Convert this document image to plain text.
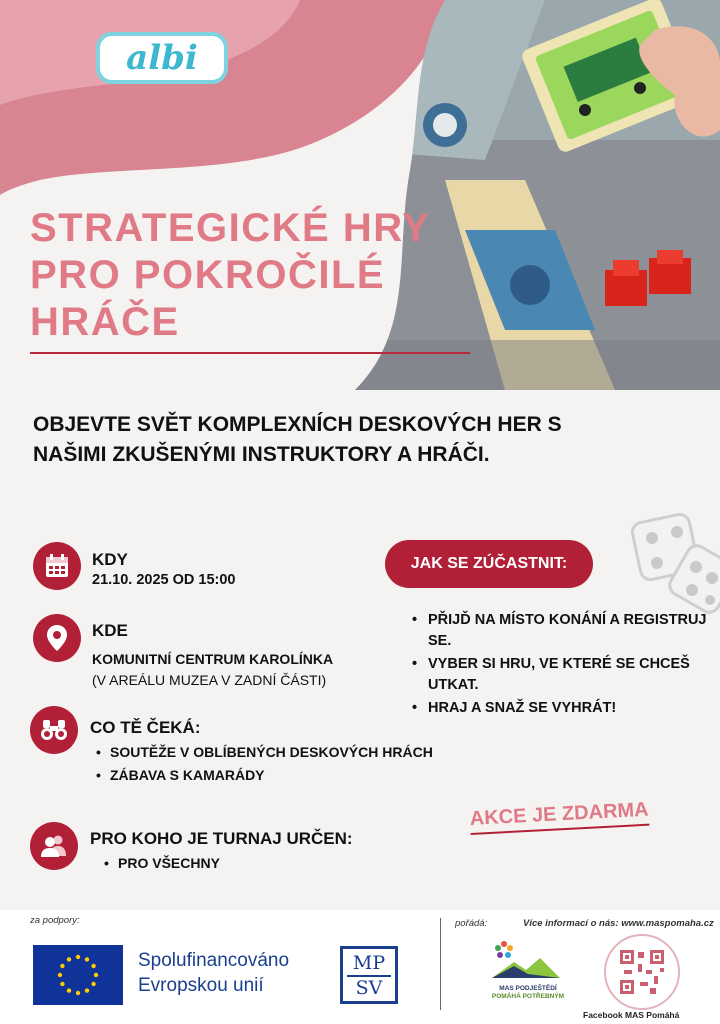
albi
STRATEGICKÉ HRY
PRO POKROČILÉ
HRÁČE
OBJEVTE SVĚT KOMPLEXNÍCH DESKOVÝCH HER S
NAŠIMI ZKUŠENÝMI INSTRUKTORY A HRÁČI.
KDY
21.10. 2025 OD 15:00
KDE
KOMUNITNÍ CENTRUM KAROLÍNKA
(V AREÁLU MUZEA V ZADNÍ ČÁSTI)
CO TĚ ČEKÁ:
• SOUTĚŽE V OBLÍBENÝCH DESKOVÝCH HRÁCH
• ZÁBAVA S KAMARÁDY
PRO KOHO JE TURNAJ URČEN:
• PRO VŠECHNY
JAK SE ZÚČASTNIT:
• PŘIJĎ NA MÍSTO KONÁNÍ A REGISTRUJ SE.
• VYBER SI HRU, VE KTERÉ SE CHCEŠ UTKAT.
• HRAJ A SNAŽ SE VYHRÁT!
AKCE JE ZDARMA
za podpory:
Spolufinancováno
Evropskou unií
MP
SV
pořádá:	Více informací o nás: www.maspomaha.cz
MAS PODJEŠTĚDÍ
POMÁHÁ POTŘEBNÝM
Facebook MAS Pomáhá
